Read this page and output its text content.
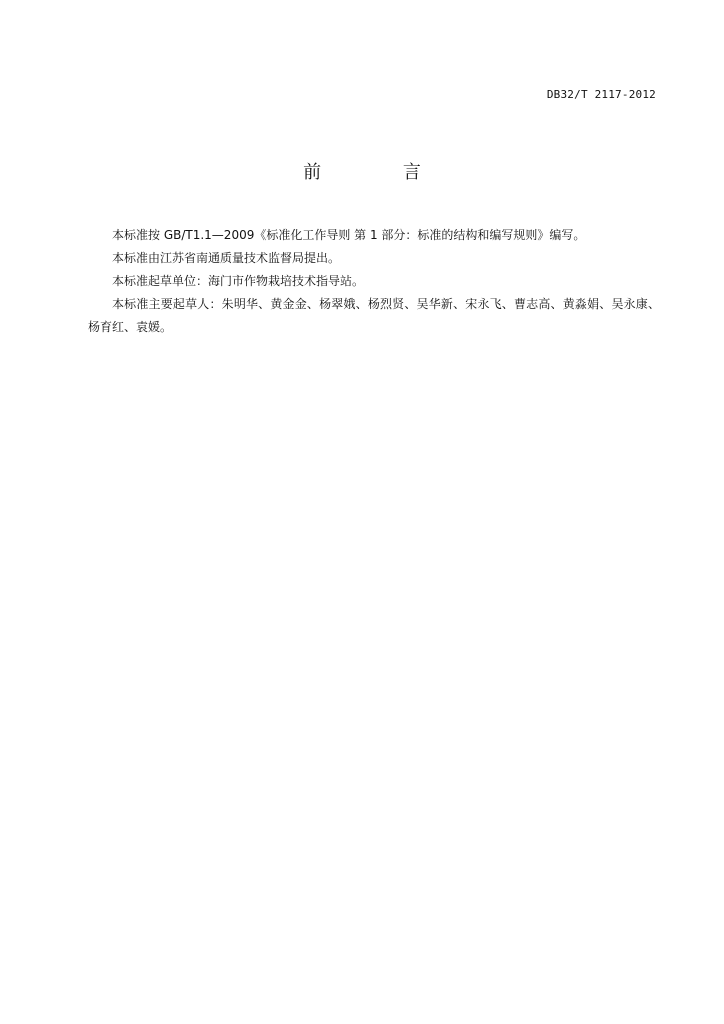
DB32/T 2117-2012
前 言

本标准按 GB/T1.1—2009《标准化工作导则 第 1 部分：标准的结构和编写规则》编写。

本标准由江苏省南通质量技术监督局提出。

本标准起草单位：海门市作物栽培技术指导站。

本标准主要起草人：朱明华、黄金金、杨翠娥、杨烈贤、吴华新、宋永飞、曹志高、黄淼娟、吴永康、杨育红、袁媛。
